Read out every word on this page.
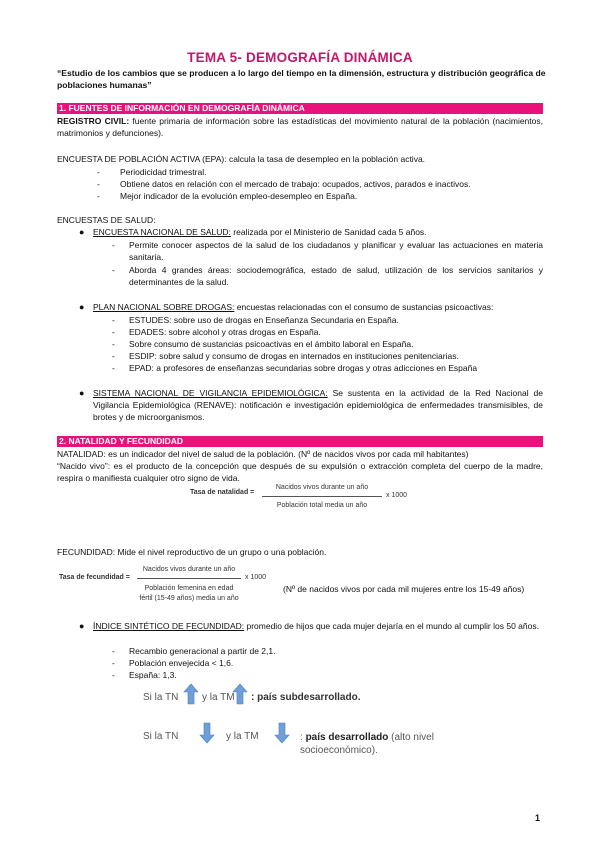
TEMA 5- DEMOGRAFÍA DINÁMICA
“Estudio de los cambios que se producen a lo largo del tiempo en la dimensión, estructura y distribución geográfica de poblaciones humanas”
1. FUENTES DE INFORMACIÓN EN DEMOGRAFÍA DINÁMICA
REGISTRO CIVIL: fuente primaria de información sobre las estadísticas del movimiento natural de la población (nacimientos, matrimonios y defunciones).
ENCUESTA DE POBLACIÓN ACTIVA (EPA): calcula la tasa de desempleo en la población activa.
- Periodicidad trimestral.
- Obtiene datos en relación con el mercado de trabajo: ocupados, activos, parados e inactivos.
- Mejor indicador de la evolución empleo-desempleo en España.
ENCUESTAS DE SALUD:
● ENCUESTA NACIONAL DE SALUD: realizada por el Ministerio de Sanidad cada 5 años.
- Permite conocer aspectos de la salud de los ciudadanos y planificar y evaluar las actuaciones en materia sanitaria.
- Aborda 4 grandes áreas: sociodemográfica, estado de salud, utilización de los servicios sanitarios y determinantes de la salud.
● PLAN NACIONAL SOBRE DROGAS: encuestas relacionadas con el consumo de sustancias psicoactivas:
- ESTUDES: sobre uso de drogas en Enseñanza Secundaria en España.
- EDADES: sobre alcohol y otras drogas en España.
- Sobre consumo de sustancias psicoactivas en el ámbito laboral en España.
- ESDIP: sobre salud y consumo de drogas en internados en instituciones penitenciarias.
- EPAD: a profesores de enseñanzas secundarias sobre drogas y otras adicciones en España
● SISTEMA NACIONAL DE VIGILANCIA EPIDEMIOLÓGICA: Se sustenta en la actividad de la Red Nacional de Vigilancia Epidemiológica (RENAVE): notificación e investigación epidemiológica de enfermedades transmisibles, de brotes y de microorganismos.
2. NATALIDAD Y FECUNDIDAD
NATALIDAD: es un indicador del nivel de salud de la población. (Nº de nacidos vivos por cada mil habitantes)
“Nacido vivo”: es el producto de la concepción que después de su expulsión o extracción completa del cuerpo de la madre, respira o manifiesta cualquier otro signo de vida.
Tasa de natalidad =
Nacidos vivos durante un año
Población total media un año
x 1000
FECUNDIDAD: Mide el nivel reproductivo de un grupo o una población.
Tasa de fecundidad =
Nacidos vivos durante un año
Población femenina en edad
fértil (15-49 años) media un año
x 1000
(Nº de nacidos vivos por cada mil mujeres entre los 15-49 años)
● ÍNDICE SINTÉTICO DE FECUNDIDAD: promedio de hijos que cada mujer dejaría en el mundo al cumplir los 50 años.
- Recambio generacional a partir de 2,1.
- Población envejecida < 1,6.
- España: 1,3.
Si la TN y la TM : país subdesarrollado.
Si la TN	y la TM	: país desarrollado (alto nivel socioeconómico).
1
